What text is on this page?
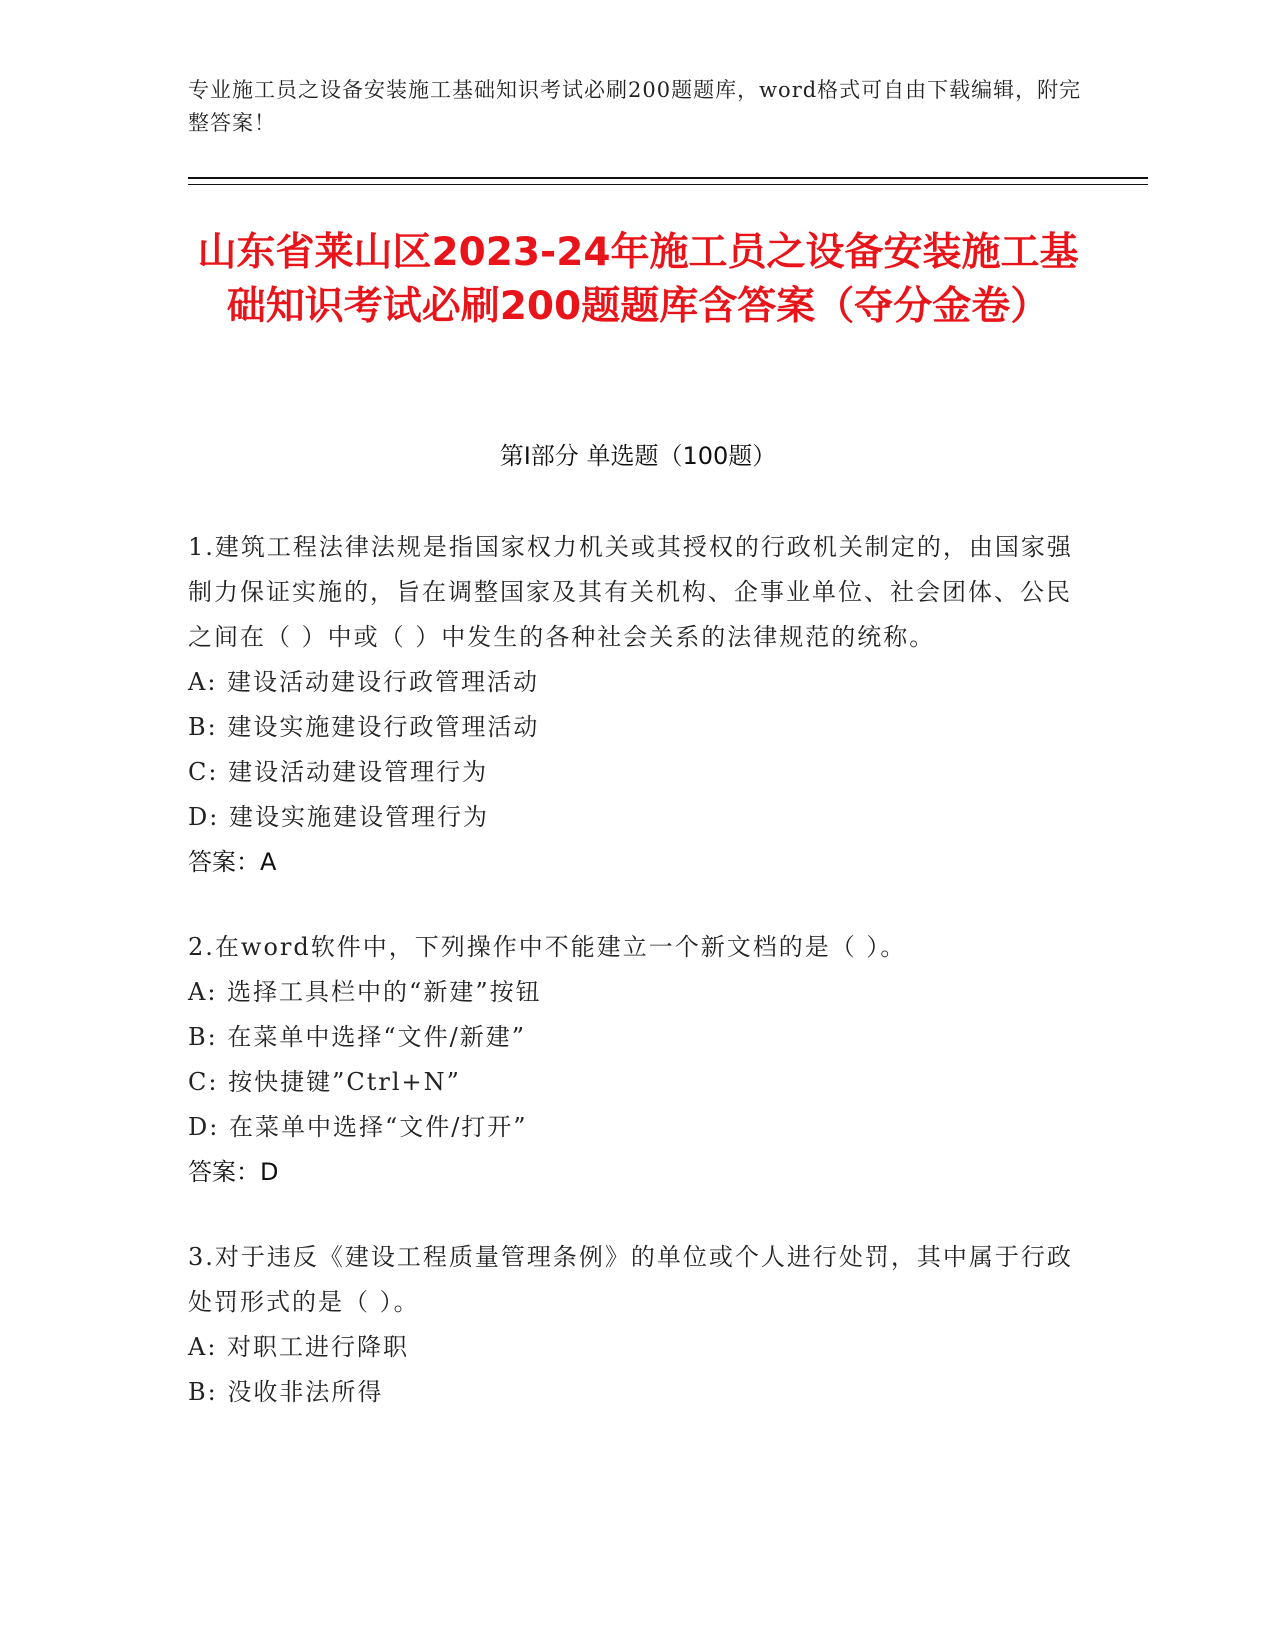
专业施工员之设备安装施工基础知识考试必刷200题题库，word格式可自由下载编辑，附完整答案！
山东省莱山区2023-24年施工员之设备安装施工基础知识考试必刷200题题库含答案（夺分金卷）
第I部分 单选题（100题）

1.建筑工程法律法规是指国家权力机关或其授权的行政机关制定的，由国家强制力保证实施的，旨在调整国家及其有关机构、企事业单位、社会团体、公民之间在（ ）中或（ ）中发生的各种社会关系的法律规范的统称。

A: 建设活动建设行政管理活动

B: 建设实施建设行政管理活动

C: 建设活动建设管理行为

D: 建设实施建设管理行为

答案：A

2.在word软件中，下列操作中不能建立一个新文档的是（ ）。

A: 选择工具栏中的“新建”按钮

B: 在菜单中选择“文件/新建”

C: 按快捷键”Ctrl+N”

D: 在菜单中选择“文件/打开”

答案：D

3.对于违反《建设工程质量管理条例》的单位或个人进行处罚，其中属于行政处罚形式的是（ ）。

A: 对职工进行降职

B: 没收非法所得
